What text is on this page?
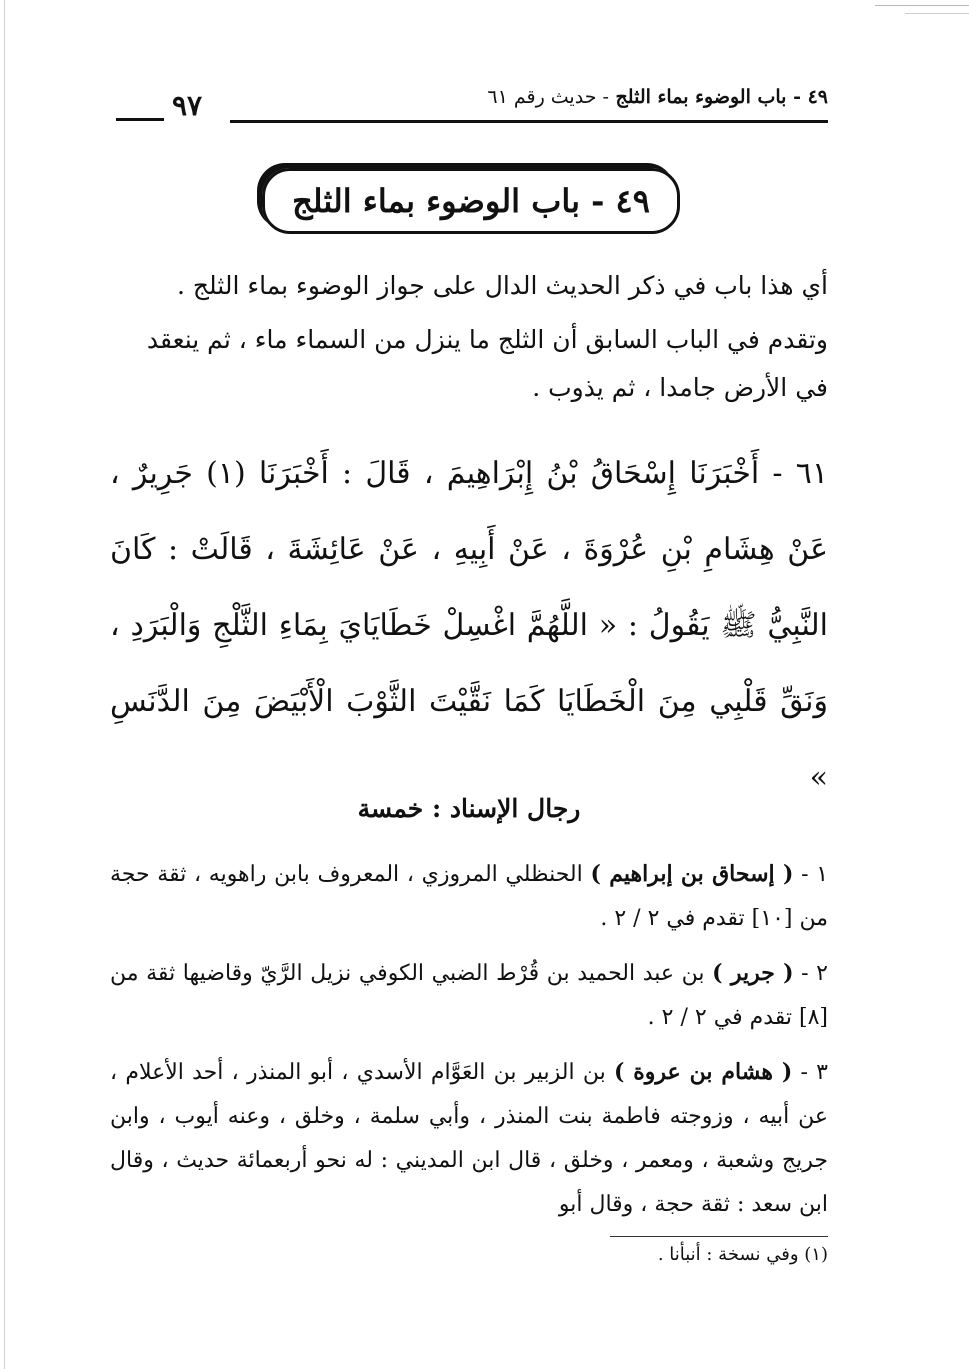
٤٩ - باب الوضوء بماء الثلج - حديث رقم ٦١
٩٧
٤٩ - باب الوضوء بماء الثلج

أي هذا باب في ذكر الحديث الدال على جواز الوضوء بماء الثلج .

وتقدم في الباب السابق أن الثلج ما ينزل من السماء ماء ، ثم ينعقد في الأرض جامدا ، ثم يذوب .

٦١ - أَخْبَرَنَا إِسْحَاقُ بْنُ إِبْرَاهِيمَ ، قَالَ : أَخْبَرَنَا (١) جَرِيرٌ ، عَنْ هِشَامِ بْنِ عُرْوَةَ ، عَنْ أَبِيهِ ، عَنْ عَائِشَةَ ، قَالَتْ : كَانَ النَّبِيُّ ﷺ يَقُولُ : « اللَّهُمَّ اغْسِلْ خَطَايَايَ بِمَاءِ الثَّلْجِ وَالْبَرَدِ ، وَنَقِّ قَلْبِي مِنَ الْخَطَايَا كَمَا نَقَّيْتَ الثَّوْبَ الْأَبْيَضَ مِنَ الدَّنَسِ »

رجال الإسناد : خمسة

١ - ( إسحاق بن إبراهيم ) الحنظلي المروزي ، المعروف بابن راهويه ، ثقة حجة من [١٠] تقدم في ٢ / ٢ .

٢ - ( جرير ) بن عبد الحميد بن قُرْط الضبي الكوفي نزيل الرَّيّ وقاضيها ثقة من [٨] تقدم في ٢ / ٢ .

٣ - ( هشام بن عروة ) بن الزبير بن العَوَّام الأسدي ، أبو المنذر ، أحد الأعلام ، عن أبيه ، وزوجته فاطمة بنت المنذر ، وأبي سلمة ، وخلق ، وعنه أيوب ، وابن جريج وشعبة ، ومعمر ، وخلق ، قال ابن المديني : له نحو أربعمائة حديث ، وقال ابن سعد : ثقة حجة ، وقال أبو

(١) وفي نسخة : أنبأنا .
